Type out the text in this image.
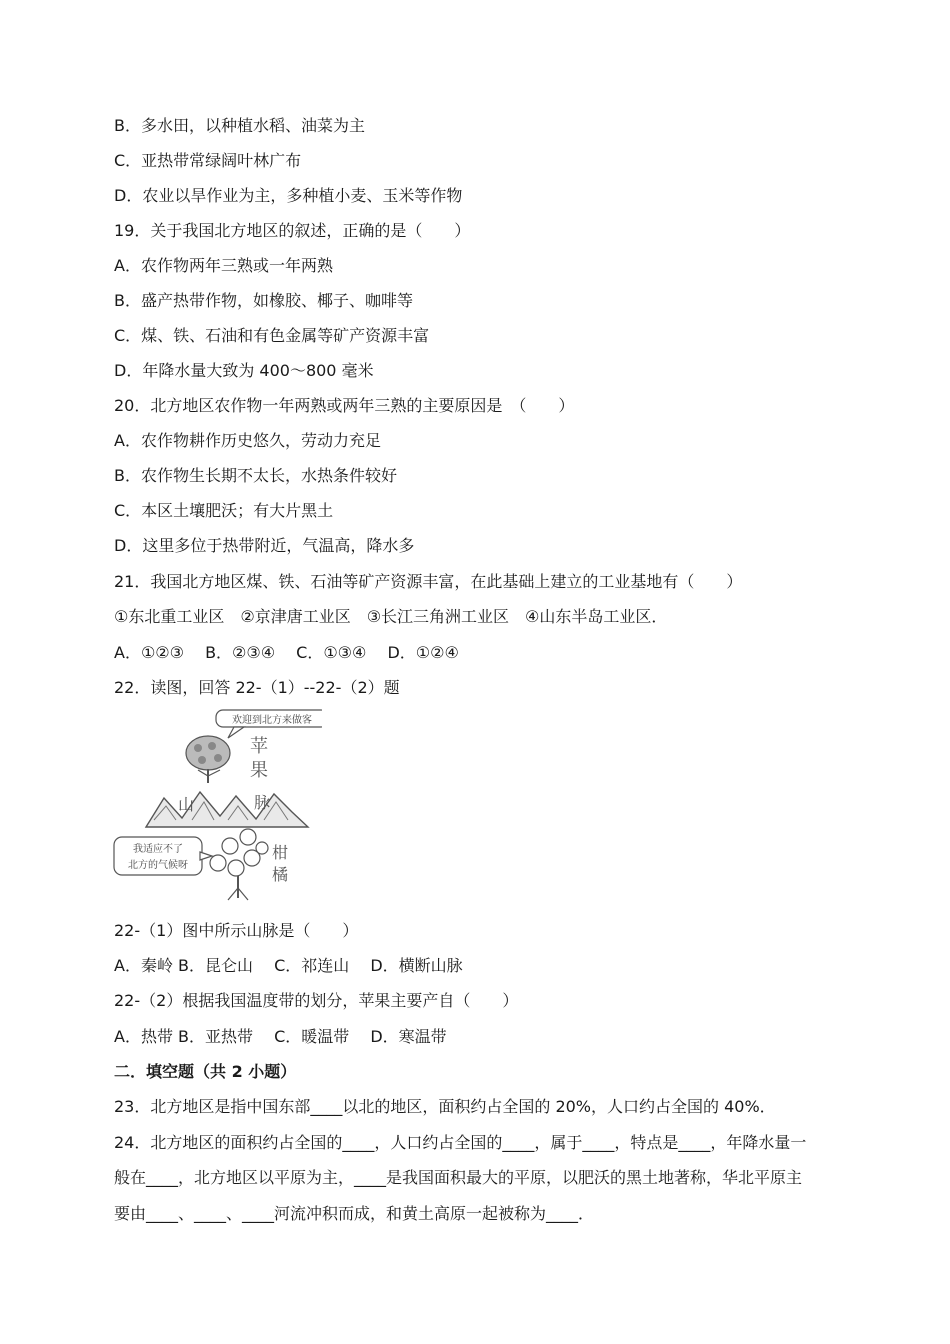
B．多水田，以种植水稻、油菜为主
C．亚热带常绿阔叶林广布
D．农业以旱作业为主，多种植小麦、玉米等作物
19．关于我国北方地区的叙述，正确的是（　　）
A．农作物两年三熟或一年两熟
B．盛产热带作物，如橡胶、椰子、咖啡等
C．煤、铁、石油和有色金属等矿产资源丰富
D．年降水量大致为 400～800 毫米
20．北方地区农作物一年两熟或两年三熟的主要原因是　（　　）
A．农作物耕作历史悠久，劳动力充足
B．农作物生长期不太长，水热条件较好
C．本区土壤肥沃；有大片黑土
D．这里多位于热带附近，气温高，降水多
21．我国北方地区煤、铁、石油等矿产资源丰富，在此基础上建立的工业基地有（　　）
①东北重工业区　②京津唐工业区　③长江三角洲工业区　④山东半岛工业区．
A．①②③　 B．②③④　 C．①③④　 D．①②④
22．读图，回答 22-（1）--22-（2）题
欢迎到北方来做客
苹
果
山	脉
我适应不了
北方的气候呀
柑
橘
22-（1）图中所示山脉是（　　）
A．秦岭 B．昆仑山　 C．祁连山　 D．横断山脉
22-（2）根据我国温度带的划分，苹果主要产自（　　）
A．热带 B．亚热带　 C．暖温带　 D．寒温带
二．填空题（共 2 小题）
23．北方地区是指中国东部____以北的地区，面积约占全国的 20%，人口约占全国的 40%．
24．北方地区的面积约占全国的____，人口约占全国的____，属于____，特点是____，年降水量一
般在____，北方地区以平原为主，____是我国面积最大的平原，以肥沃的黑土地著称，华北平原主
要由____、____、____河流冲积而成，和黄土高原一起被称为____．
